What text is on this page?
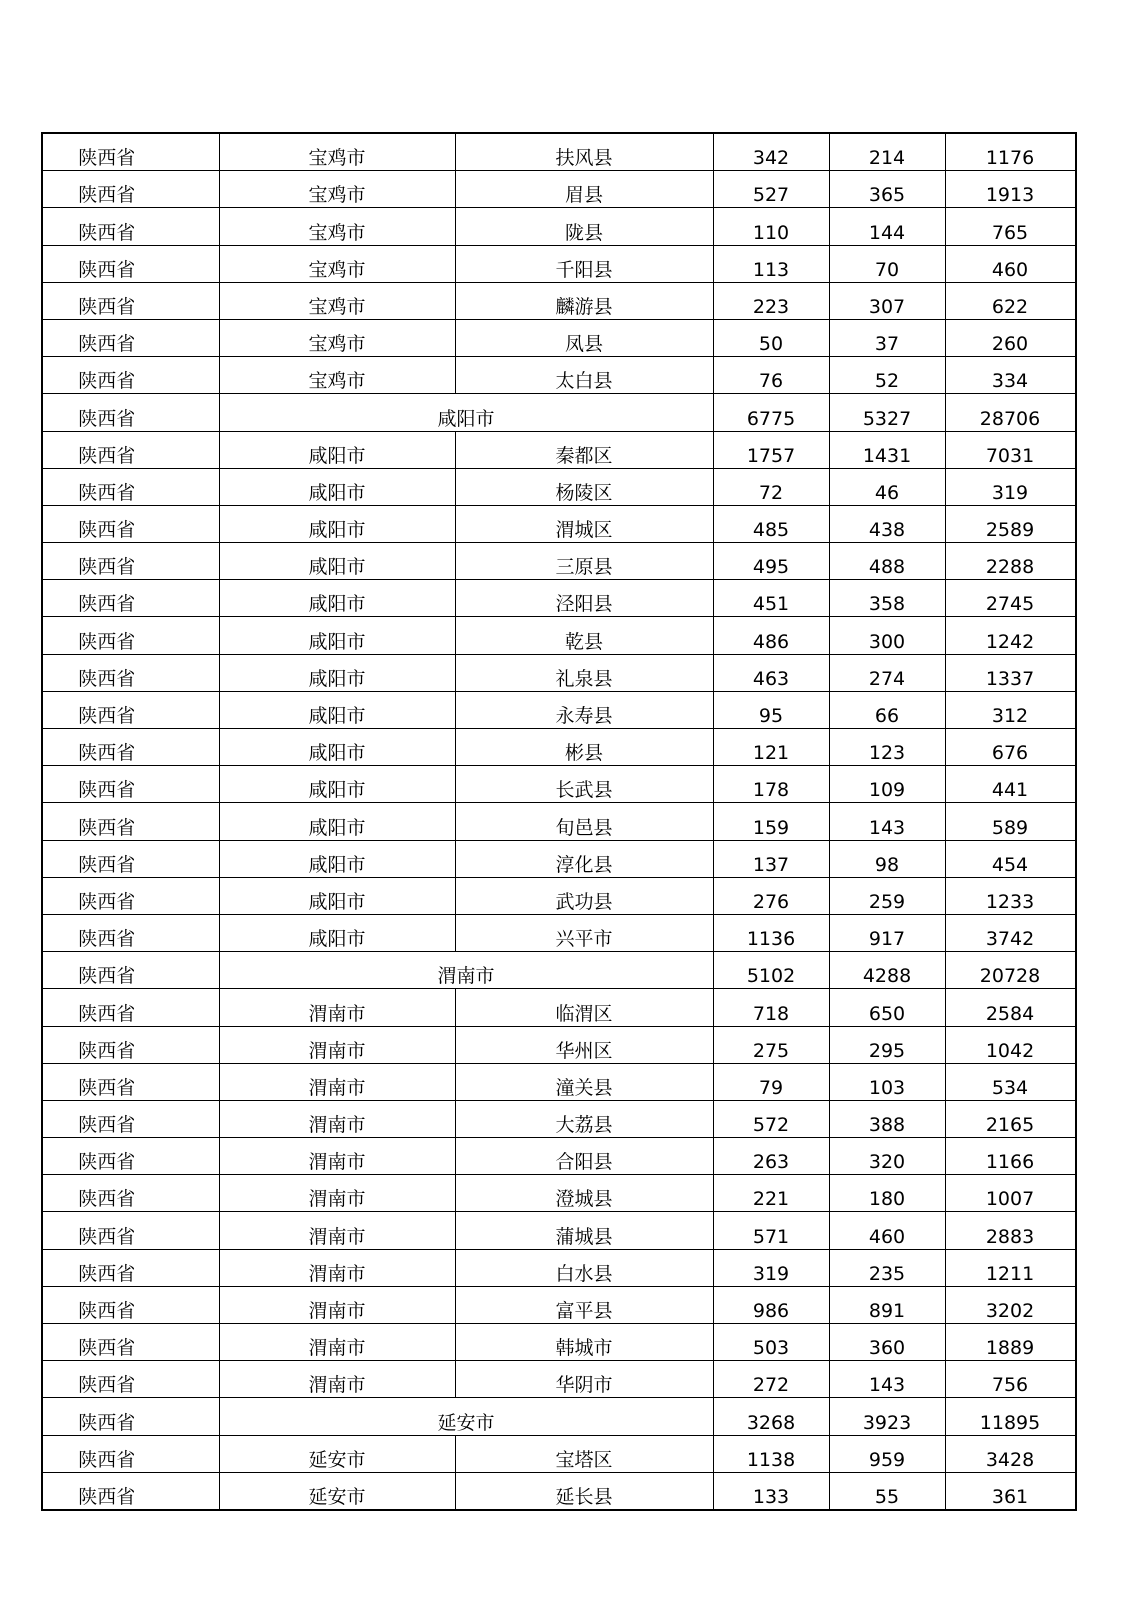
陕西省	宝鸡市	扶风县	342	214	1176
陕西省	宝鸡市	眉县	527	365	1913
陕西省	宝鸡市	陇县	110	144	765
陕西省	宝鸡市	千阳县	113	70	460
陕西省	宝鸡市	麟游县	223	307	622
陕西省	宝鸡市	凤县	50	37	260
陕西省	宝鸡市	太白县	76	52	334
陕西省	咸阳市		6775	5327	28706
陕西省	咸阳市	秦都区	1757	1431	7031
陕西省	咸阳市	杨陵区	72	46	319
陕西省	咸阳市	渭城区	485	438	2589
陕西省	咸阳市	三原县	495	488	2288
陕西省	咸阳市	泾阳县	451	358	2745
陕西省	咸阳市	乾县	486	300	1242
陕西省	咸阳市	礼泉县	463	274	1337
陕西省	咸阳市	永寿县	95	66	312
陕西省	咸阳市	彬县	121	123	676
陕西省	咸阳市	长武县	178	109	441
陕西省	咸阳市	旬邑县	159	143	589
陕西省	咸阳市	淳化县	137	98	454
陕西省	咸阳市	武功县	276	259	1233
陕西省	咸阳市	兴平市	1136	917	3742
陕西省	渭南市		5102	4288	20728
陕西省	渭南市	临渭区	718	650	2584
陕西省	渭南市	华州区	275	295	1042
陕西省	渭南市	潼关县	79	103	534
陕西省	渭南市	大荔县	572	388	2165
陕西省	渭南市	合阳县	263	320	1166
陕西省	渭南市	澄城县	221	180	1007
陕西省	渭南市	蒲城县	571	460	2883
陕西省	渭南市	白水县	319	235	1211
陕西省	渭南市	富平县	986	891	3202
陕西省	渭南市	韩城市	503	360	1889
陕西省	渭南市	华阴市	272	143	756
陕西省	延安市		3268	3923	11895
陕西省	延安市	宝塔区	1138	959	3428
陕西省	延安市	延长县	133	55	361
